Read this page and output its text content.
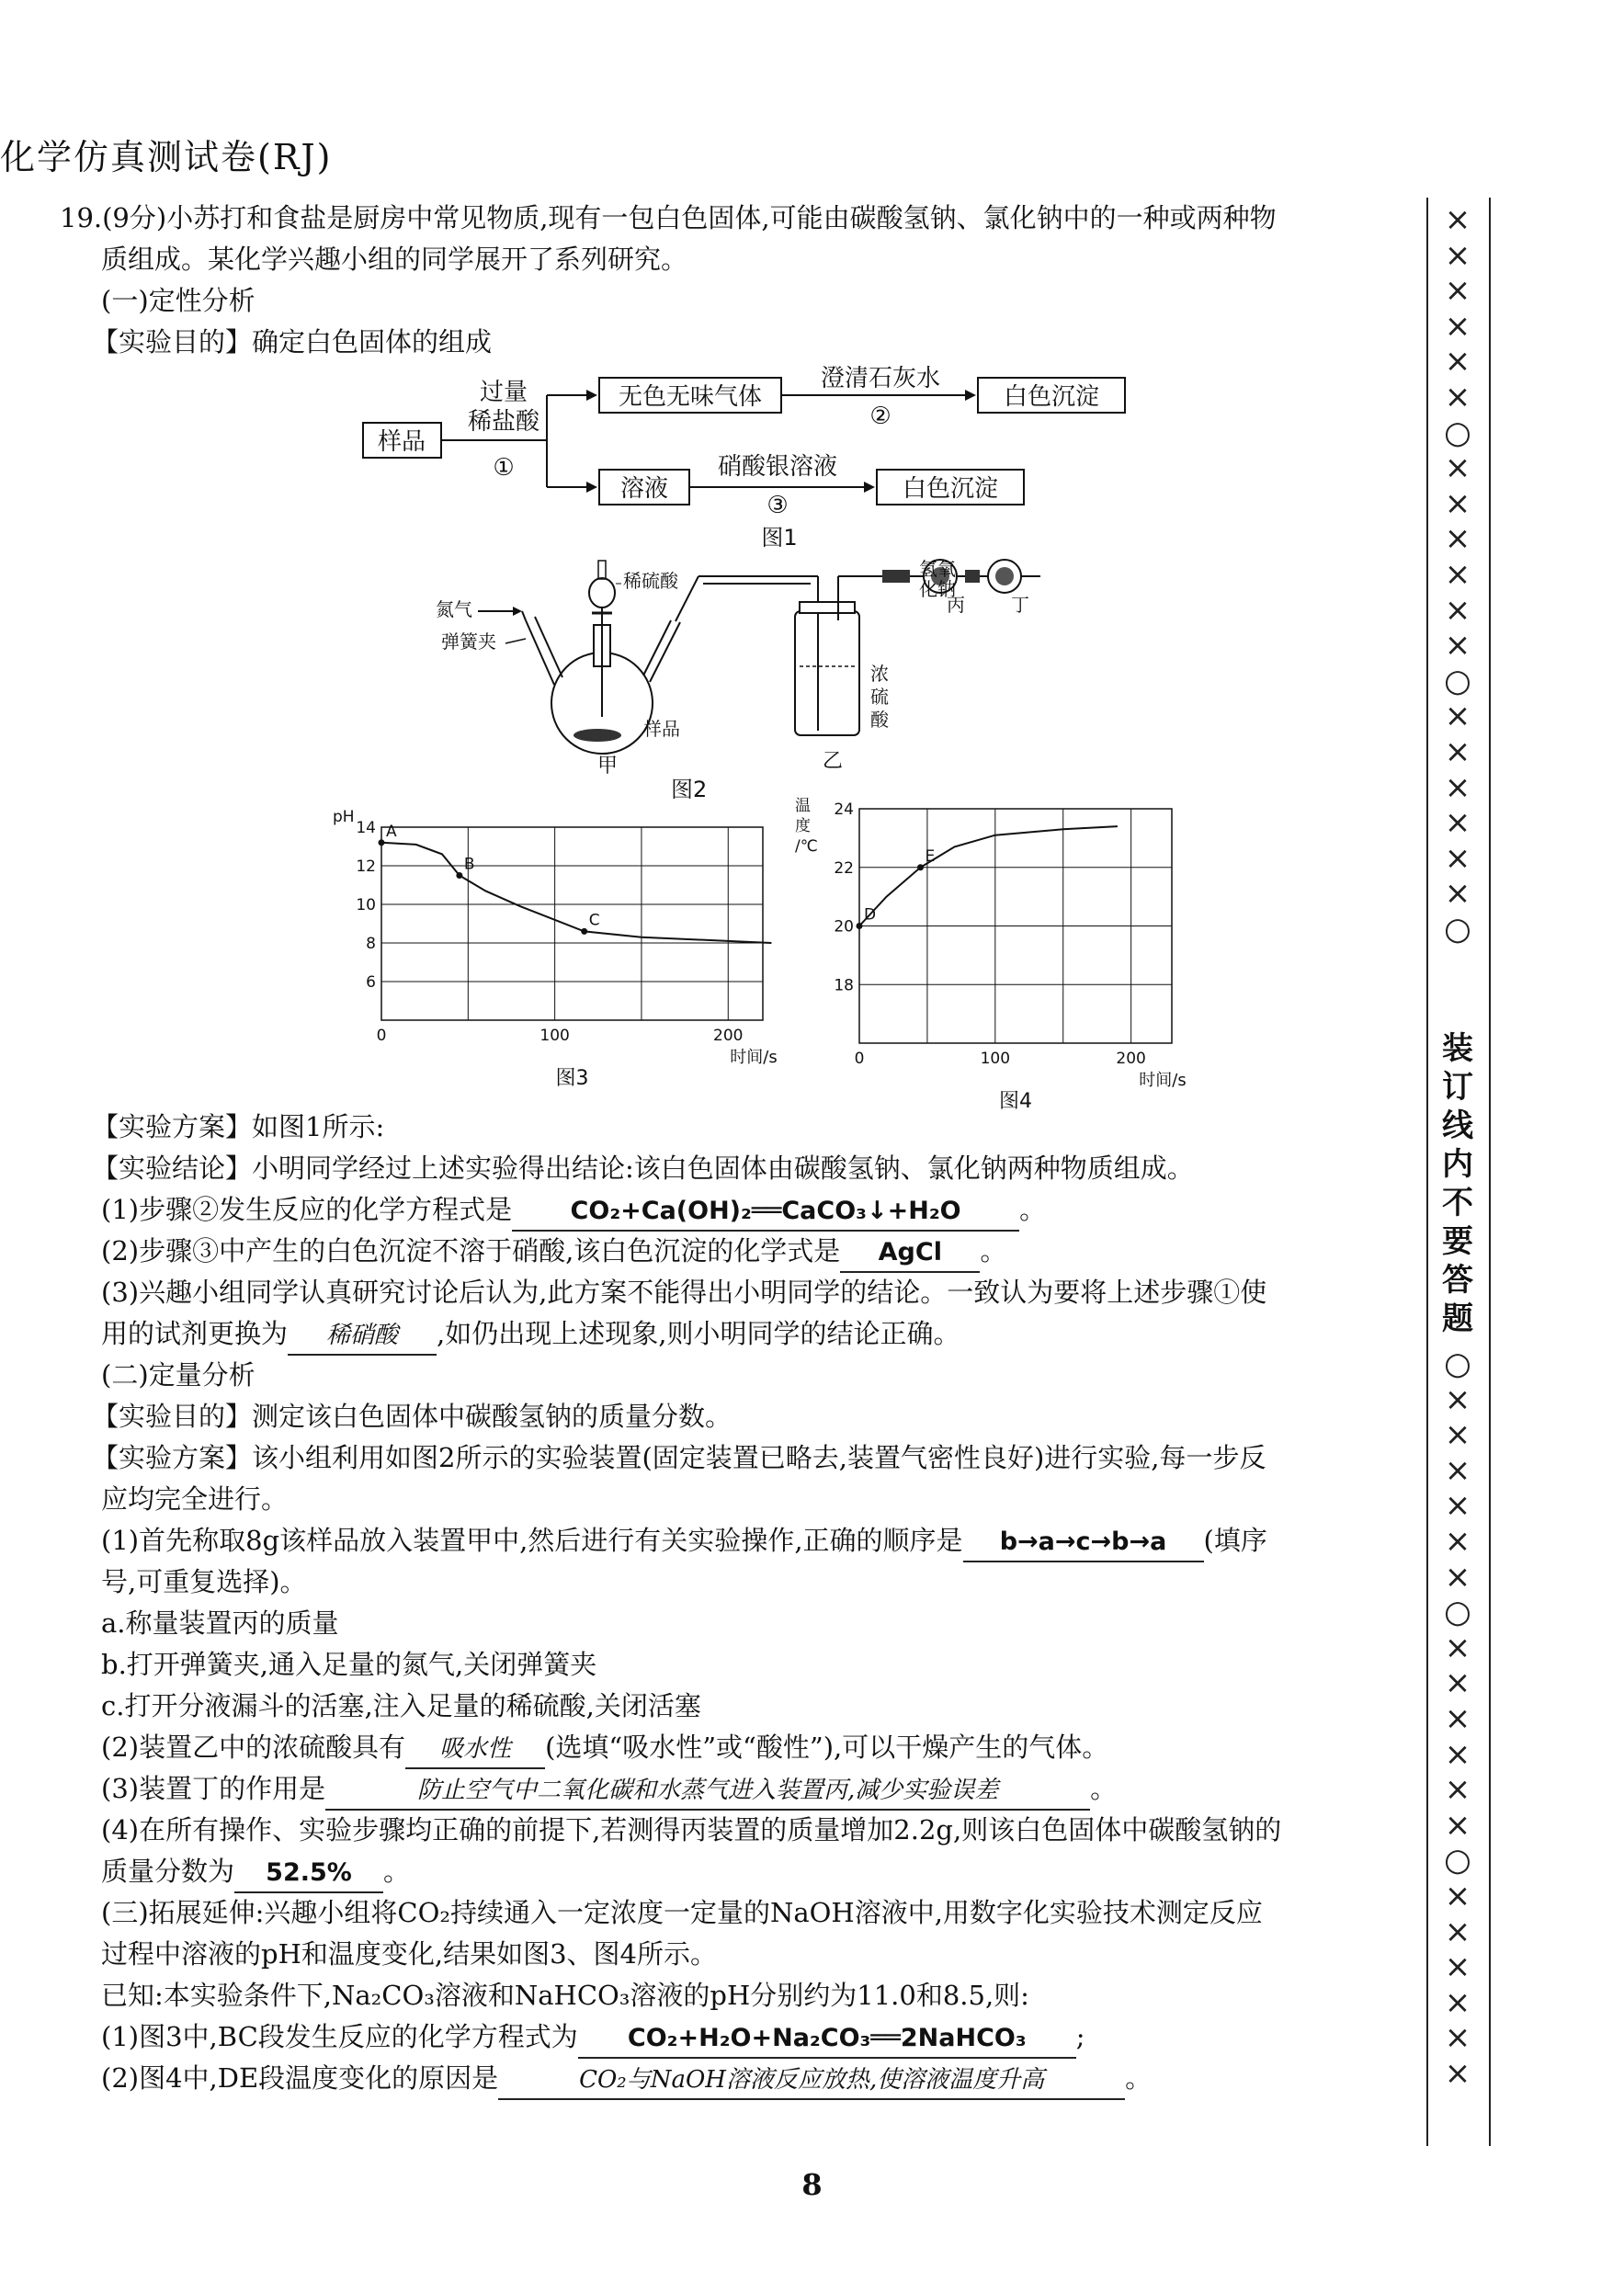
化学仿真测试卷(RJ)
19.(9分)小苏打和食盐是厨房中常见物质,现有一包白色固体,可能由碳酸氢钠、氯化钠中的一种或两种物
质组成。某化学兴趣小组的同学展开了系列研究。
(一)定性分析
【实验目的】确定白色固体的组成
样品
过量
稀盐酸
①
无色无味气体
澄清石灰水
②
白色沉淀
溶液
硝酸银溶液
③
白色沉淀
图1
氮气
弹簧夹
稀硫酸
样品
甲
浓
硫
酸
乙
丙	丁
图2
氢氧
化钠
0	100	200
6
8
10
12
14 A
B
C
时间/s
图3
pH
0	100	200
18
20
22
24
D
E
时间/s
图4
温
度
/℃
【实验方案】如图1所示:
【实验结论】小明同学经过上述实验得出结论:该白色固体由碳酸氢钠、氯化钠两种物质组成。
(1)步骤②发生反应的化学方程式是 CO₂+Ca(OH)₂══CaCO₃↓+H₂O 。
(2)步骤③中产生的白色沉淀不溶于硝酸,该白色沉淀的化学式是 AgCl 。
(3)兴趣小组同学认真研究讨论后认为,此方案不能得出小明同学的结论。一致认为要将上述步骤①使
用的试剂更换为 稀硝酸 ,如仍出现上述现象,则小明同学的结论正确。
(二)定量分析
【实验目的】测定该白色固体中碳酸氢钠的质量分数。
【实验方案】该小组利用如图2所示的实验装置(固定装置已略去,装置气密性良好)进行实验,每一步反
应均完全进行。
(1)首先称取8g该样品放入装置甲中,然后进行有关实验操作,正确的顺序是 b→a→c→b→a (填序
号,可重复选择)。
a.称量装置丙的质量
b.打开弹簧夹,通入足量的氮气,关闭弹簧夹
c.打开分液漏斗的活塞,注入足量的稀硫酸,关闭活塞
(2)装置乙中的浓硫酸具有 吸水性 (选填“吸水性”或“酸性”),可以干燥产生的气体。
(3)装置丁的作用是	防止空气中二氧化碳和水蒸气进入装置丙,减少实验误差	。
(4)在所有操作、实验步骤均正确的前提下,若测得丙装置的质量增加2.2g,则该白色固体中碳酸氢钠的
质量分数为 52.5% 。
(三)拓展延伸:兴趣小组将CO₂持续通入一定浓度一定量的NaOH溶液中,用数字化实验技术测定反应
过程中溶液的pH和温度变化,结果如图3、图4所示。
已知:本实验条件下,Na₂CO₃溶液和NaHCO₃溶液的pH分别约为11.0和8.5,则:
(1)图3中,BC段发生反应的化学方程式为 CO₂+H₂O+Na₂CO₃══2NaHCO₃ ;
(2)图4中,DE段温度变化的原因是	CO₂与NaOH溶液反应放热,使溶液温度升高	。
×
×
×
×
×
×
○
×
×
×
×
×
×
○
×
×
×
×
×
×
○
装订线内不要答题
○
×
×
×
×
×
×
○
×
×
×
×
×
×
○
×
×
×
×
×
×
8
